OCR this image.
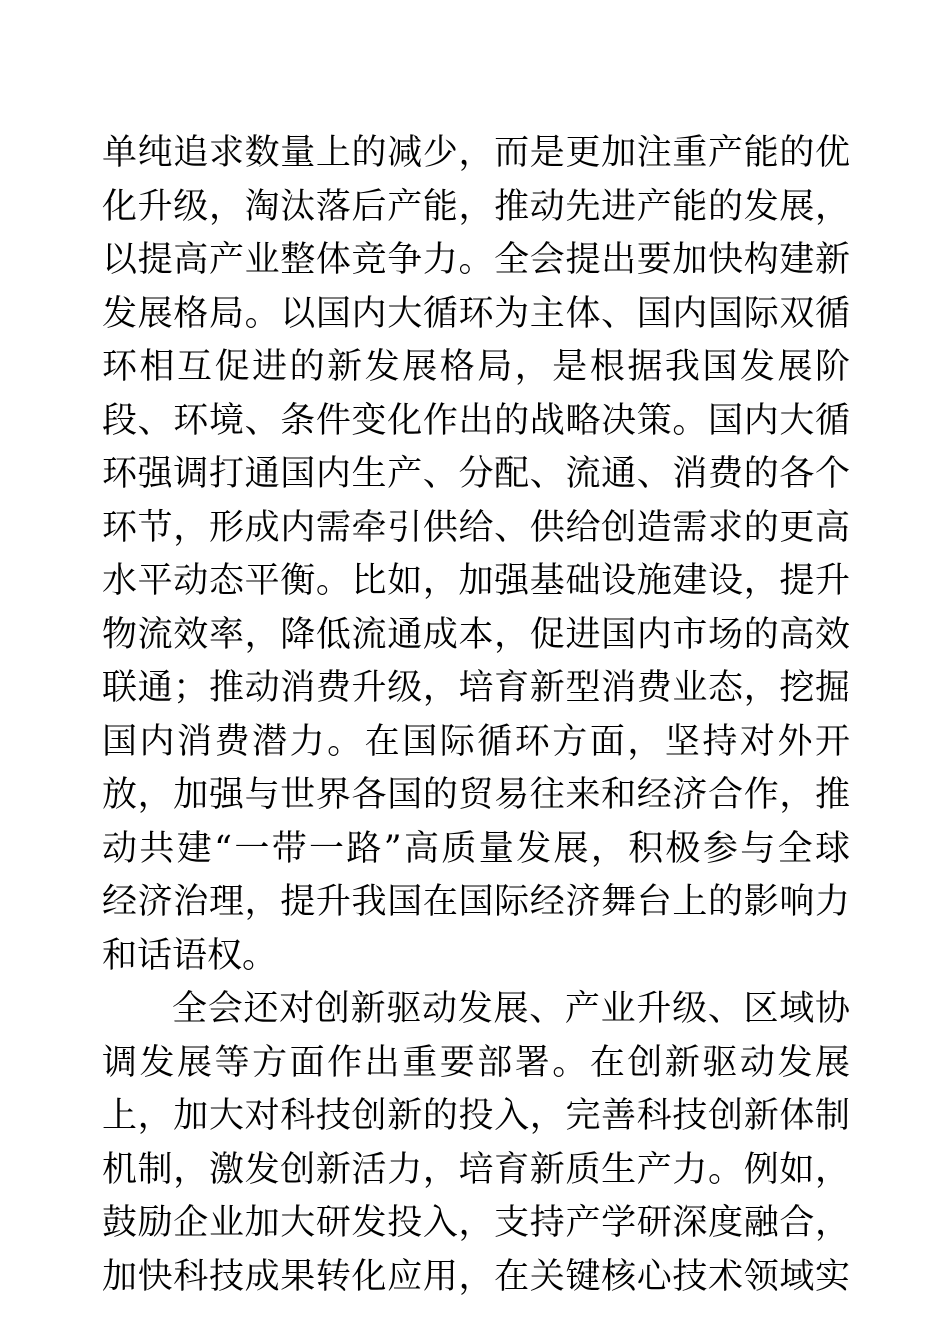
单纯追求数量上的减少，而是更加注重产能的优
化升级，淘汰落后产能，推动先进产能的发展，
以提高产业整体竞争力。全会提出要加快构建新
发展格局。以国内大循环为主体、国内国际双循
环相互促进的新发展格局，是根据我国发展阶
段、环境、条件变化作出的战略决策。国内大循
环强调打通国内生产、分配、流通、消费的各个
环节，形成内需牵引供给、供给创造需求的更高
水平动态平衡。比如，加强基础设施建设，提升
物流效率，降低流通成本，促进国内市场的高效
联通；推动消费升级，培育新型消费业态，挖掘
国内消费潜力。在国际循环方面，坚持对外开
放，加强与世界各国的贸易往来和经济合作，推
动共建“一带一路”高质量发展，积极参与全球
经济治理，提升我国在国际经济舞台上的影响力
和话语权。
全会还对创新驱动发展、产业升级、区域协
调发展等方面作出重要部署。在创新驱动发展
上，加大对科技创新的投入，完善科技创新体制
机制，激发创新活力，培育新质生产力。例如，
鼓励企业加大研发投入，支持产学研深度融合，
加快科技成果转化应用，在关键核心技术领域实
